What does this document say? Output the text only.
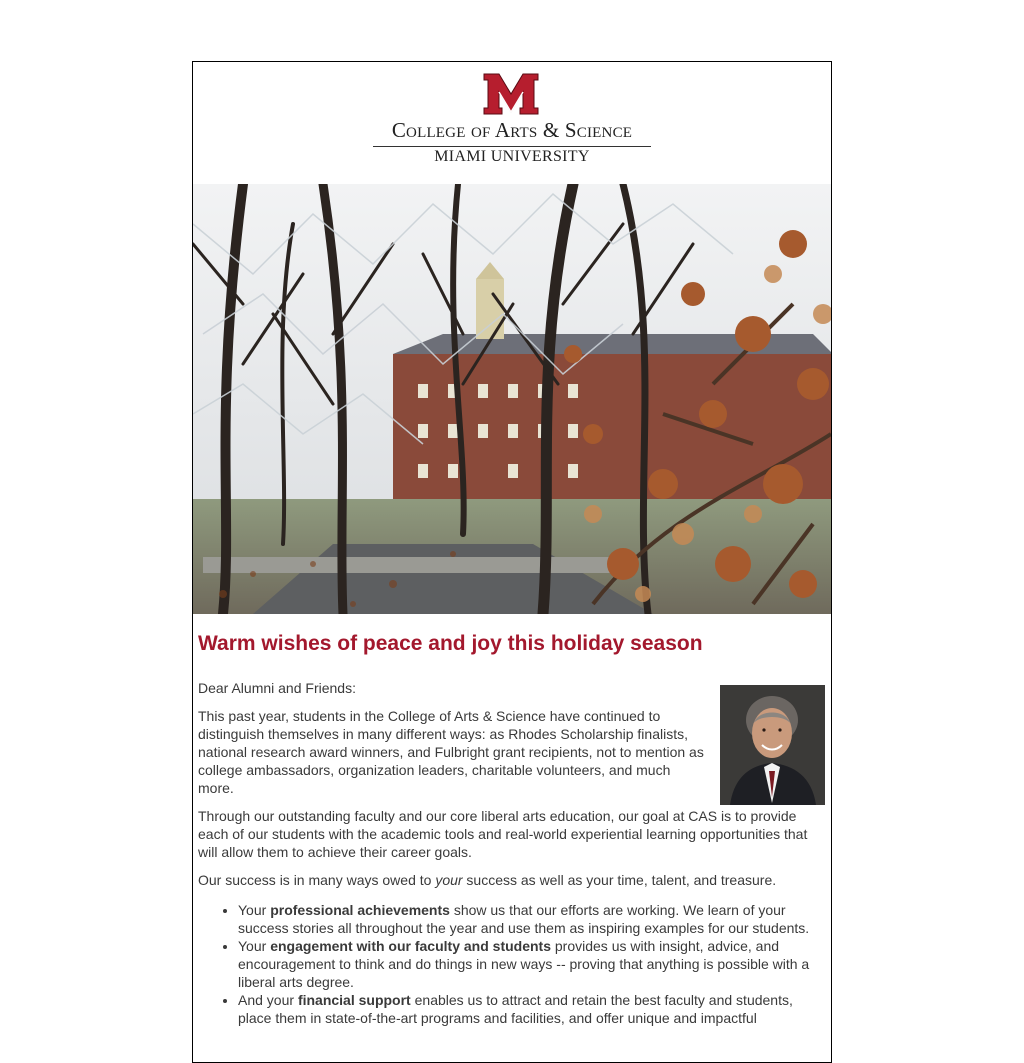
College of Arts & Science
MIAMI UNIVERSITY
Warm wishes of peace and joy this holiday season

Dear Alumni and Friends:

This past year, students in the College of Arts & Science have continued to distinguish themselves in many different ways: as Rhodes Scholarship finalists, national research award winners, and Fulbright grant recipients, not to mention as college ambassadors, organization leaders, charitable volunteers, and much more.

Through our outstanding faculty and our core liberal arts education, our goal at CAS is to provide each of our students with the academic tools and real-world experiential learning opportunities that will allow them to achieve their career goals.

Our success is in many ways owed to your success as well as your time, talent, and treasure.

• Your professional achievements show us that our efforts are working. We learn of your success stories all throughout the year and use them as inspiring examples for our students.
• Your engagement with our faculty and students provides us with insight, advice, and encouragement to think and do things in new ways -- proving that anything is possible with a liberal arts degree.
• And your financial support enables us to attract and retain the best faculty and students, place them in state-of-the-art programs and facilities, and offer unique and impactful
